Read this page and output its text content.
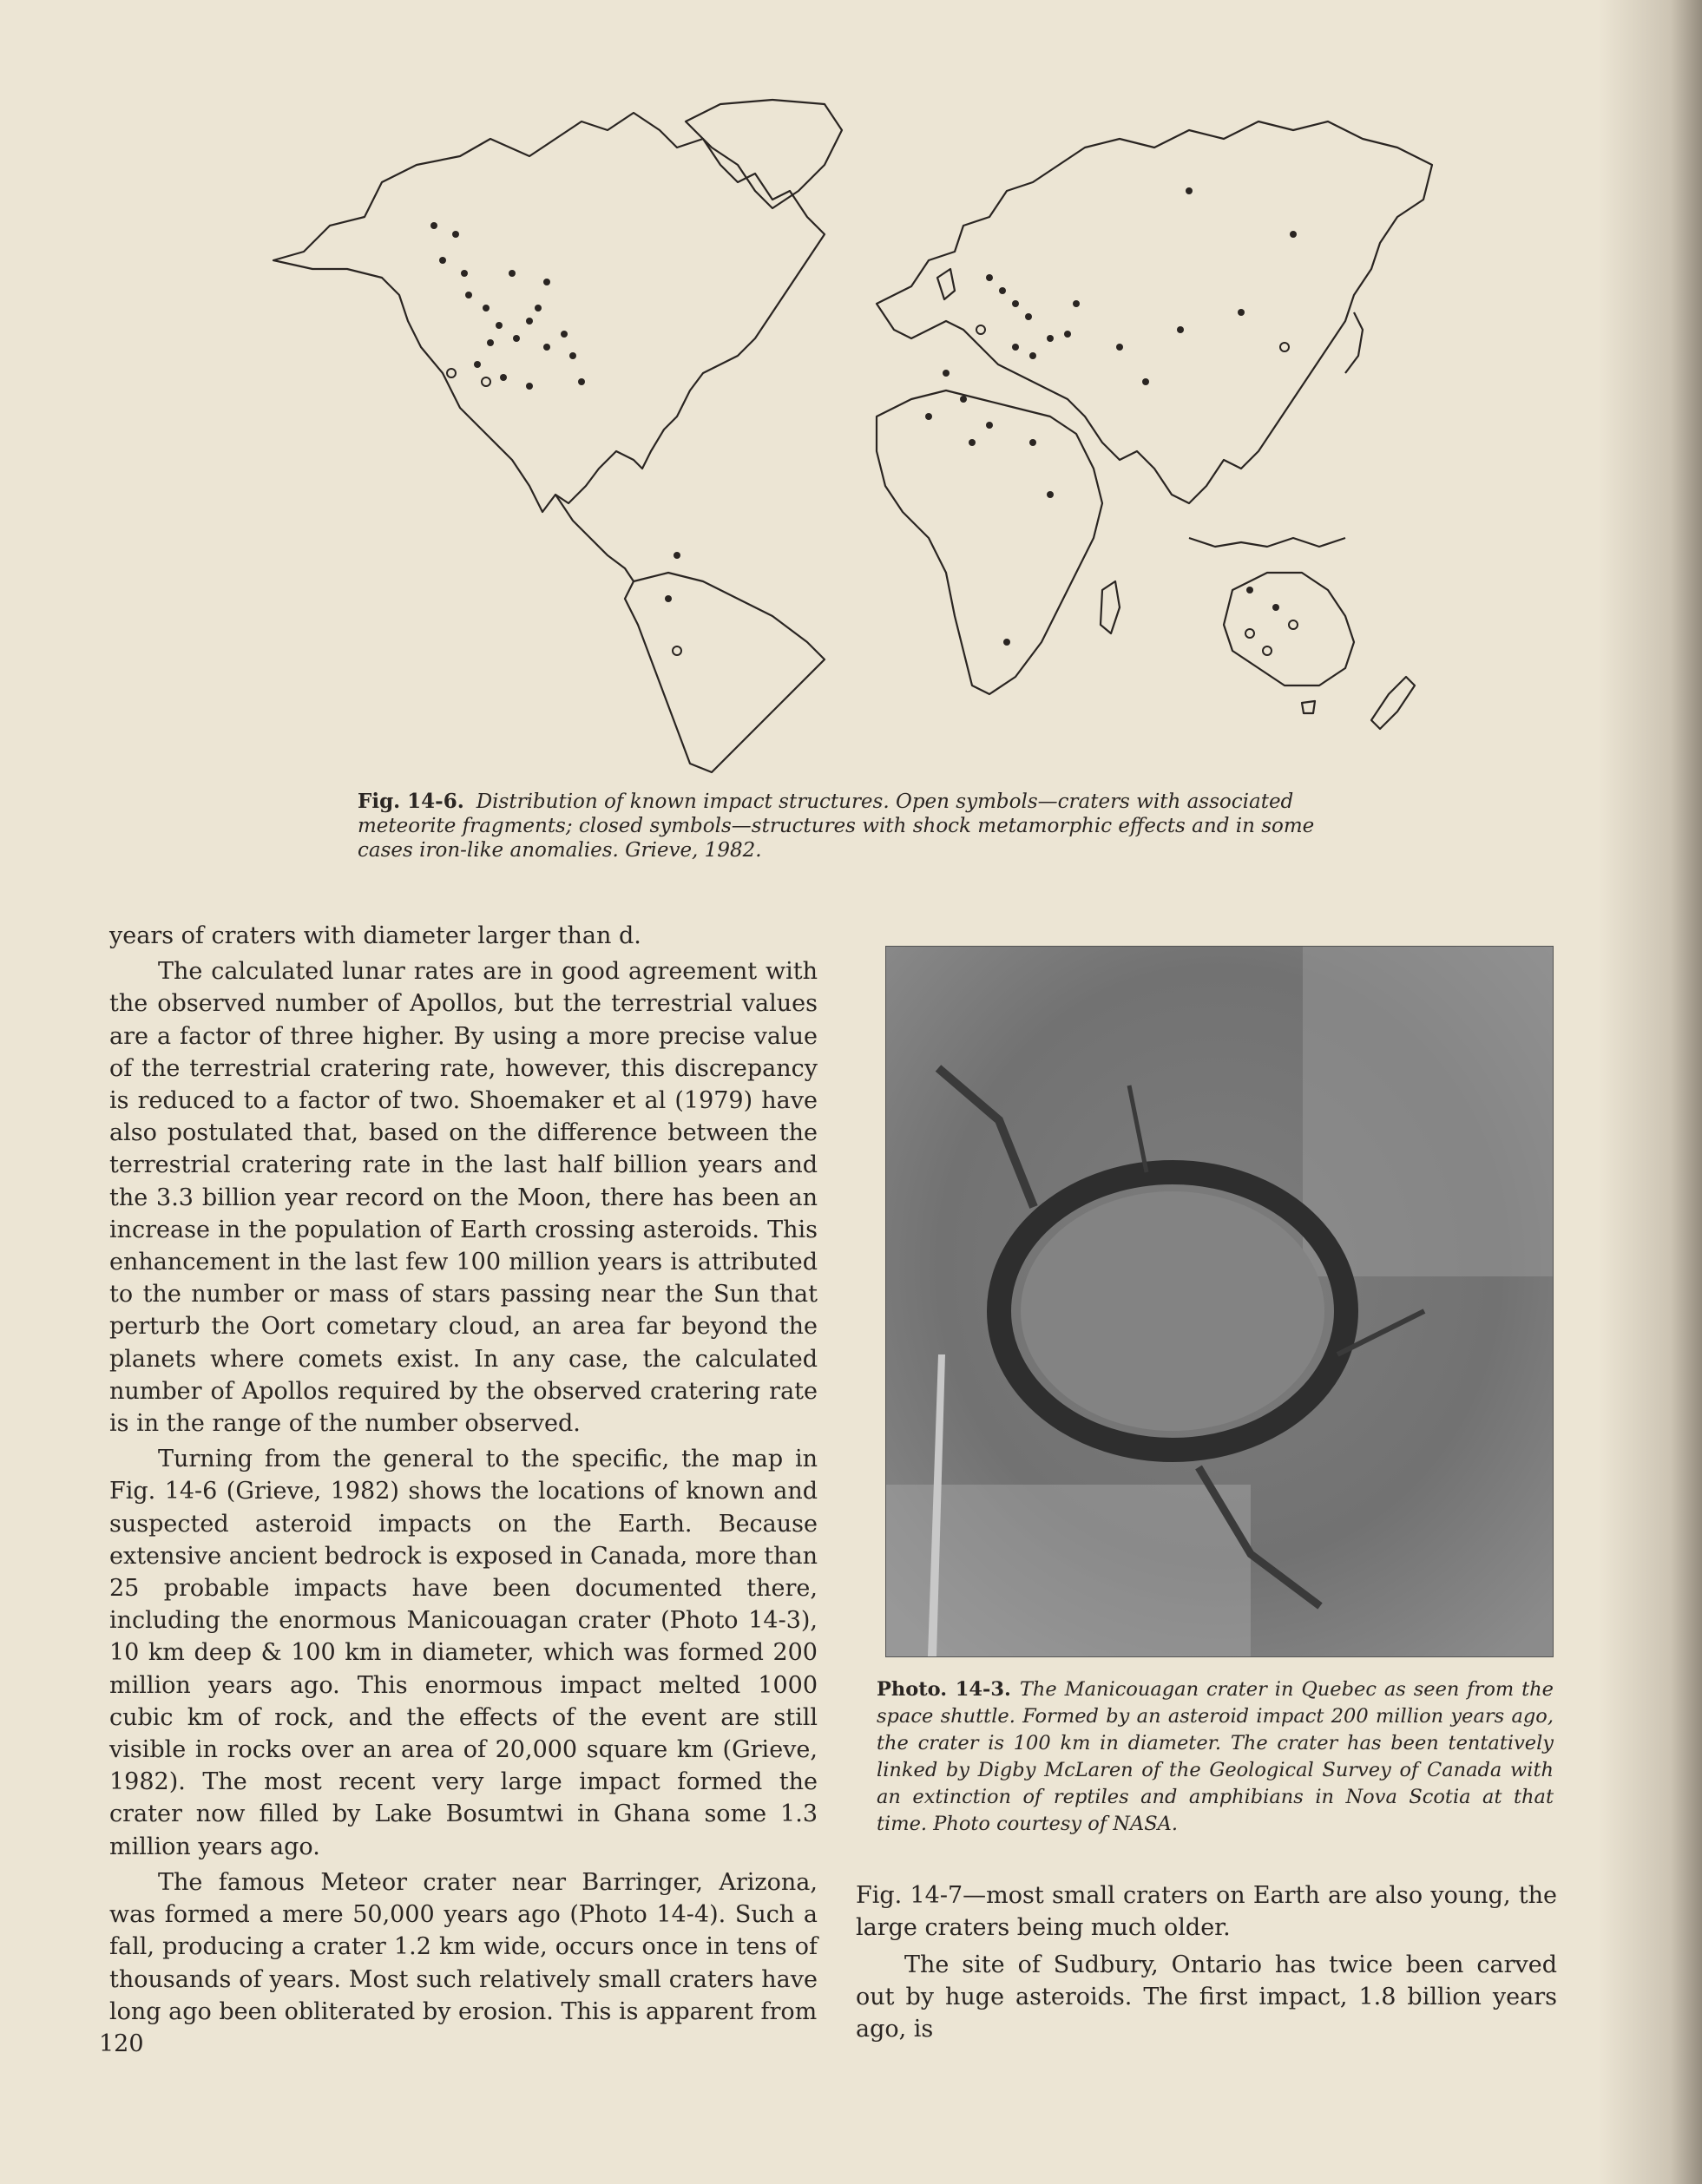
Fig. 14-6. Distribution of known impact structures. Open symbols—craters with associated meteorite fragments; closed symbols—structures with shock metamorphic effects and in some cases iron-like anomalies. Grieve, 1982.

years of craters with diameter larger than d.

The calculated lunar rates are in good agreement with the observed number of Apollos, but the terrestrial values are a factor of three higher. By using a more precise value of the terrestrial cratering rate, however, this discrepancy is reduced to a factor of two. Shoemaker et al (1979) have also postulated that, based on the difference between the terrestrial cratering rate in the last half billion years and the 3.3 billion year record on the Moon, there has been an increase in the population of Earth crossing asteroids. This enhancement in the last few 100 million years is attributed to the number or mass of stars passing near the Sun that perturb the Oort cometary cloud, an area far beyond the planets where comets exist. In any case, the calculated number of Apollos required by the observed cratering rate is in the range of the number observed.

Turning from the general to the specific, the map in Fig. 14-6 (Grieve, 1982) shows the locations of known and suspected asteroid impacts on the Earth. Because extensive ancient bedrock is exposed in Canada, more than 25 probable impacts have been documented there, including the enormous Manicouagan crater (Photo 14-3), 10 km deep & 100 km in diameter, which was formed 200 million years ago. This enormous impact melted 1000 cubic km of rock, and the effects of the event are still visible in rocks over an area of 20,000 square km (Grieve, 1982). The most recent very large impact formed the crater now filled by Lake Bosumtwi in Ghana some 1.3 million years ago.

The famous Meteor crater near Barringer, Arizona, was formed a mere 50,000 years ago (Photo 14-4). Such a fall, producing a crater 1.2 km wide, occurs once in tens of thousands of years. Most such relatively small craters have long ago been obliterated by erosion. This is apparent from

Photo. 14-3. The Manicouagan crater in Quebec as seen from the space shuttle. Formed by an asteroid impact 200 million years ago, the crater is 100 km in diameter. The crater has been tentatively linked by Digby McLaren of the Geological Survey of Canada with an extinction of reptiles and amphibians in Nova Scotia at that time. Photo courtesy of NASA.

Fig. 14-7—most small craters on Earth are also young, the large craters being much older.

The site of Sudbury, Ontario has twice been carved out by huge asteroids. The first impact, 1.8 billion years ago, is

120
